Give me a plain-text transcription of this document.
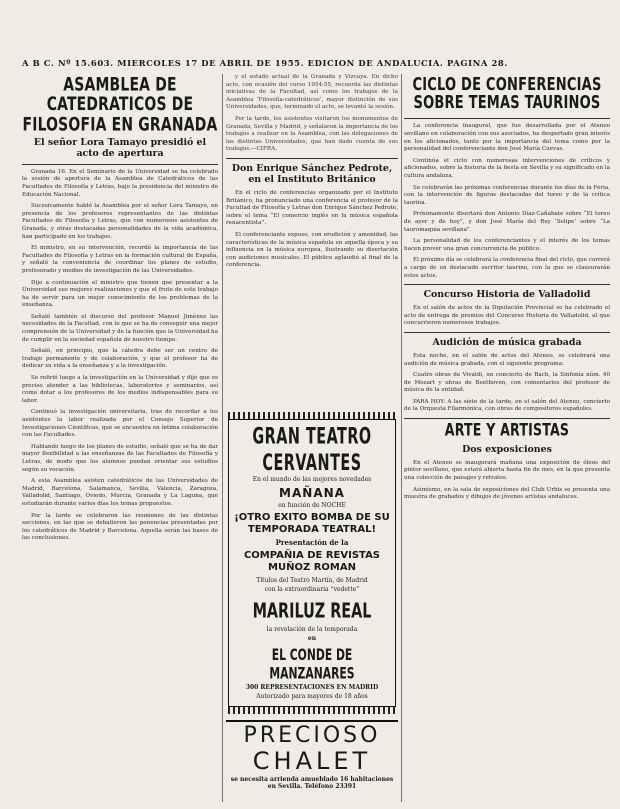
A B C. Nº 15.603. MIERCOLES 17 DE ABRIL DE 1955. EDICION DE ANDALUCIA. PAGINA 28.
ASAMBLEA DE CATEDRATICOS DE FILOSOFIA EN GRANADA
El señor Lora Tamayo presidió el acto de apertura

Granada 16. En el Seminario de la Universidad se ha celebrado la sesión de apertura de la Asamblea de Catedráticos de las Facultades de Filosofía y Letras, bajo la presidencia del ministro de Educación Nacional.

Sucesivamente habló la Asamblea por el señor Lora Tamayo, en presencia de los profesores representantes de las distintas Facultades de Filosofía y Letras, que con numerosos asistentes de Granada, y otras destacadas personalidades de la vida académica, han participado en los trabajos.

El ministro, en su intervención, recordó la importancia de las Facultades de Filosofía y Letras en la formación cultural de España, y señaló la conveniencia de coordinar los planes de estudio, profesorado y medios de investigación de las Universidades.

Dijo a continuación el ministro que tienen que presentar a la Universidad sus mejores realizaciones y que el fruto de este trabajo ha de servir para un mejor conocimiento de los problemas de la enseñanza.

Señaló también el discurso del profesor Manuel Jiménez las necesidades de la Facultad, con lo que se ha de conseguir una mejor comprensión de la Universidad y de la función que la Universidad ha de cumplir en la sociedad española de nuestro tiempo.

Señaló, en principio, que la cátedra debe ser un centro de trabajo permanente y de colaboración, y que el profesor ha de dedicar su vida a la enseñanza y a la investigación.

Se refirió luego a la investigación en la Universidad y dijo que es preciso atender a las bibliotecas, laboratorios y seminarios, así como dotar a los profesores de los medios indispensables para su labor.

Continuó la investigación universitaria, tras de recordar a los asistentes la labor realizada por el Consejo Superior de Investigaciones Científicas, que se encuentra en íntima colaboración con las Facultades.

Hablando luego de los planes de estudio, señaló que se ha de dar mayor flexibilidad a las enseñanzas de las Facultades de Filosofía y Letras, de modo que los alumnos puedan orientar sus estudios según su vocación.

A esta Asamblea asisten catedráticos de las Universidades de Madrid, Barcelona, Salamanca, Sevilla, Valencia, Zaragoza, Valladolid, Santiago, Oviedo, Murcia, Granada y La Laguna, que estudiarán durante varios días los temas propuestos.

Por la tarde se celebraron las reuniones de las distintas secciones, en las que se debatieron las ponencias presentadas por los catedráticos de Madrid y Barcelona. Aquella serán las bases de las conclusiones.

y el estado actual de la Granada y Vizcaya. En dicho acto, con ocasión del curso 1954-55, recuerda las distintas iniciativas de la Facultad, así como los trabajos de la Asamblea ‘Filosofía-catedráticos’, mayor distinción de sus Universidades, que, terminado el acto, se levantó la sesión.

Por la tarde, los asistentes visitaron los monumentos de Granada, Sevilla y Madrid, y señalaron la importancia de los trabajos a realizar en la Asamblea, con las delegaciones de las distintas Universidades, que han dado cuenta de sus trabajos.—CIFRA.

Don Enrique Sánchez Pedrote, en el Instituto Británico

En el ciclo de conferencias organizado por el Instituto Británico, ha pronunciado una conferencia el profesor de la Facultad de Filosofía y Letras don Enrique Sánchez Pedrote, sobre el tema “El comercio inglés en la música española renacentista”.

El conferenciante expuso, con erudición y amenidad, las características de la música española en aquella época y su influencia en la música europea, ilustrando su disertación con audiciones musicales. El público aplaudió al final de la conferencia.

GRAN TEATRO CERVANTES
En el mundo de las mejores novedades
MAÑANA
en función de NOCHE
¡OTRO EXITO BOMBA DE SU TEMPORADA TEATRAL!
Presentación de la
COMPAÑIA DE REVISTAS MUÑOZ ROMAN
Títulos del Teatro Martín, de Madrid
con la extraordinaria “vedette”
MARILUZ REAL
la revelación de la temporada
en
EL CONDE DE MANZANARES
300 REPRESENTACIONES EN MADRID
Autorizado para mayores de 18 años
PRECIOSO
CHALET
se necesita arrienda amueblado 16 habitaciones en Sevilla. Teléfono 23391
CICLO DE CONFERENCIAS SOBRE TEMAS TAURINOS

La conferencia inaugural, que fue desarrollada por el Ateneo sevillano en colaboración con sus asociados, ha despertado gran interés en los aficionados, tanto por la importancia del tema como por la personalidad del conferenciante don José María Cuevas.

Continúa el ciclo con numerosas intervenciones de críticos y aficionados, sobre la historia de la fiesta en Sevilla y su significado en la cultura andaluza.

Se celebrarán las próximas conferencias durante los días de la Feria, con la intervención de figuras destacadas del toreo y de la crítica taurina.

Próximamente disertará don Antonio Díaz-Cañabate sobre “El toreo de ayer y de hoy”, y don José María del Rey ‘Selipe’ sobre “La tauromaquia sevillana”.

La personalidad de los conferenciantes y el interés de los temas hacen prever una gran concurrencia de público.

El próximo día se celebrará la conferencia final del ciclo, que correrá a cargo de un destacado escritor taurino, con la que se clausurarán estos actos.

Concurso Historia de Valladolid

En el salón de actos de la Diputación Provincial se ha celebrado el acto de entrega de premios del Concurso Historia de Valladolid, al que concurrieron numerosos trabajos.

Audición de música grabada

Esta noche, en el salón de actos del Ateneo, se celebrará una audición de música grabada, con el siguiente programa:

Cuatro obras de Vivaldi, un concierto de Bach, la Sinfonía núm. 40 de Mozart y obras de Beethoven, con comentarios del profesor de música de la entidad.

PARA HOY: A las siete de la tarde, en el salón del Ateneo, concierto de la Orquesta Filarmónica, con obras de compositores españoles.

ARTE Y ARTISTAS
Dos exposiciones

En el Ateneo se inaugurará mañana una exposición de óleos del pintor sevillano, que estará abierta hasta fin de mes, en la que presenta una colección de paisajes y retratos.

Asimismo, en la sala de exposiciones del Club Urbis se presenta una muestra de grabados y dibujos de jóvenes artistas andaluces.
